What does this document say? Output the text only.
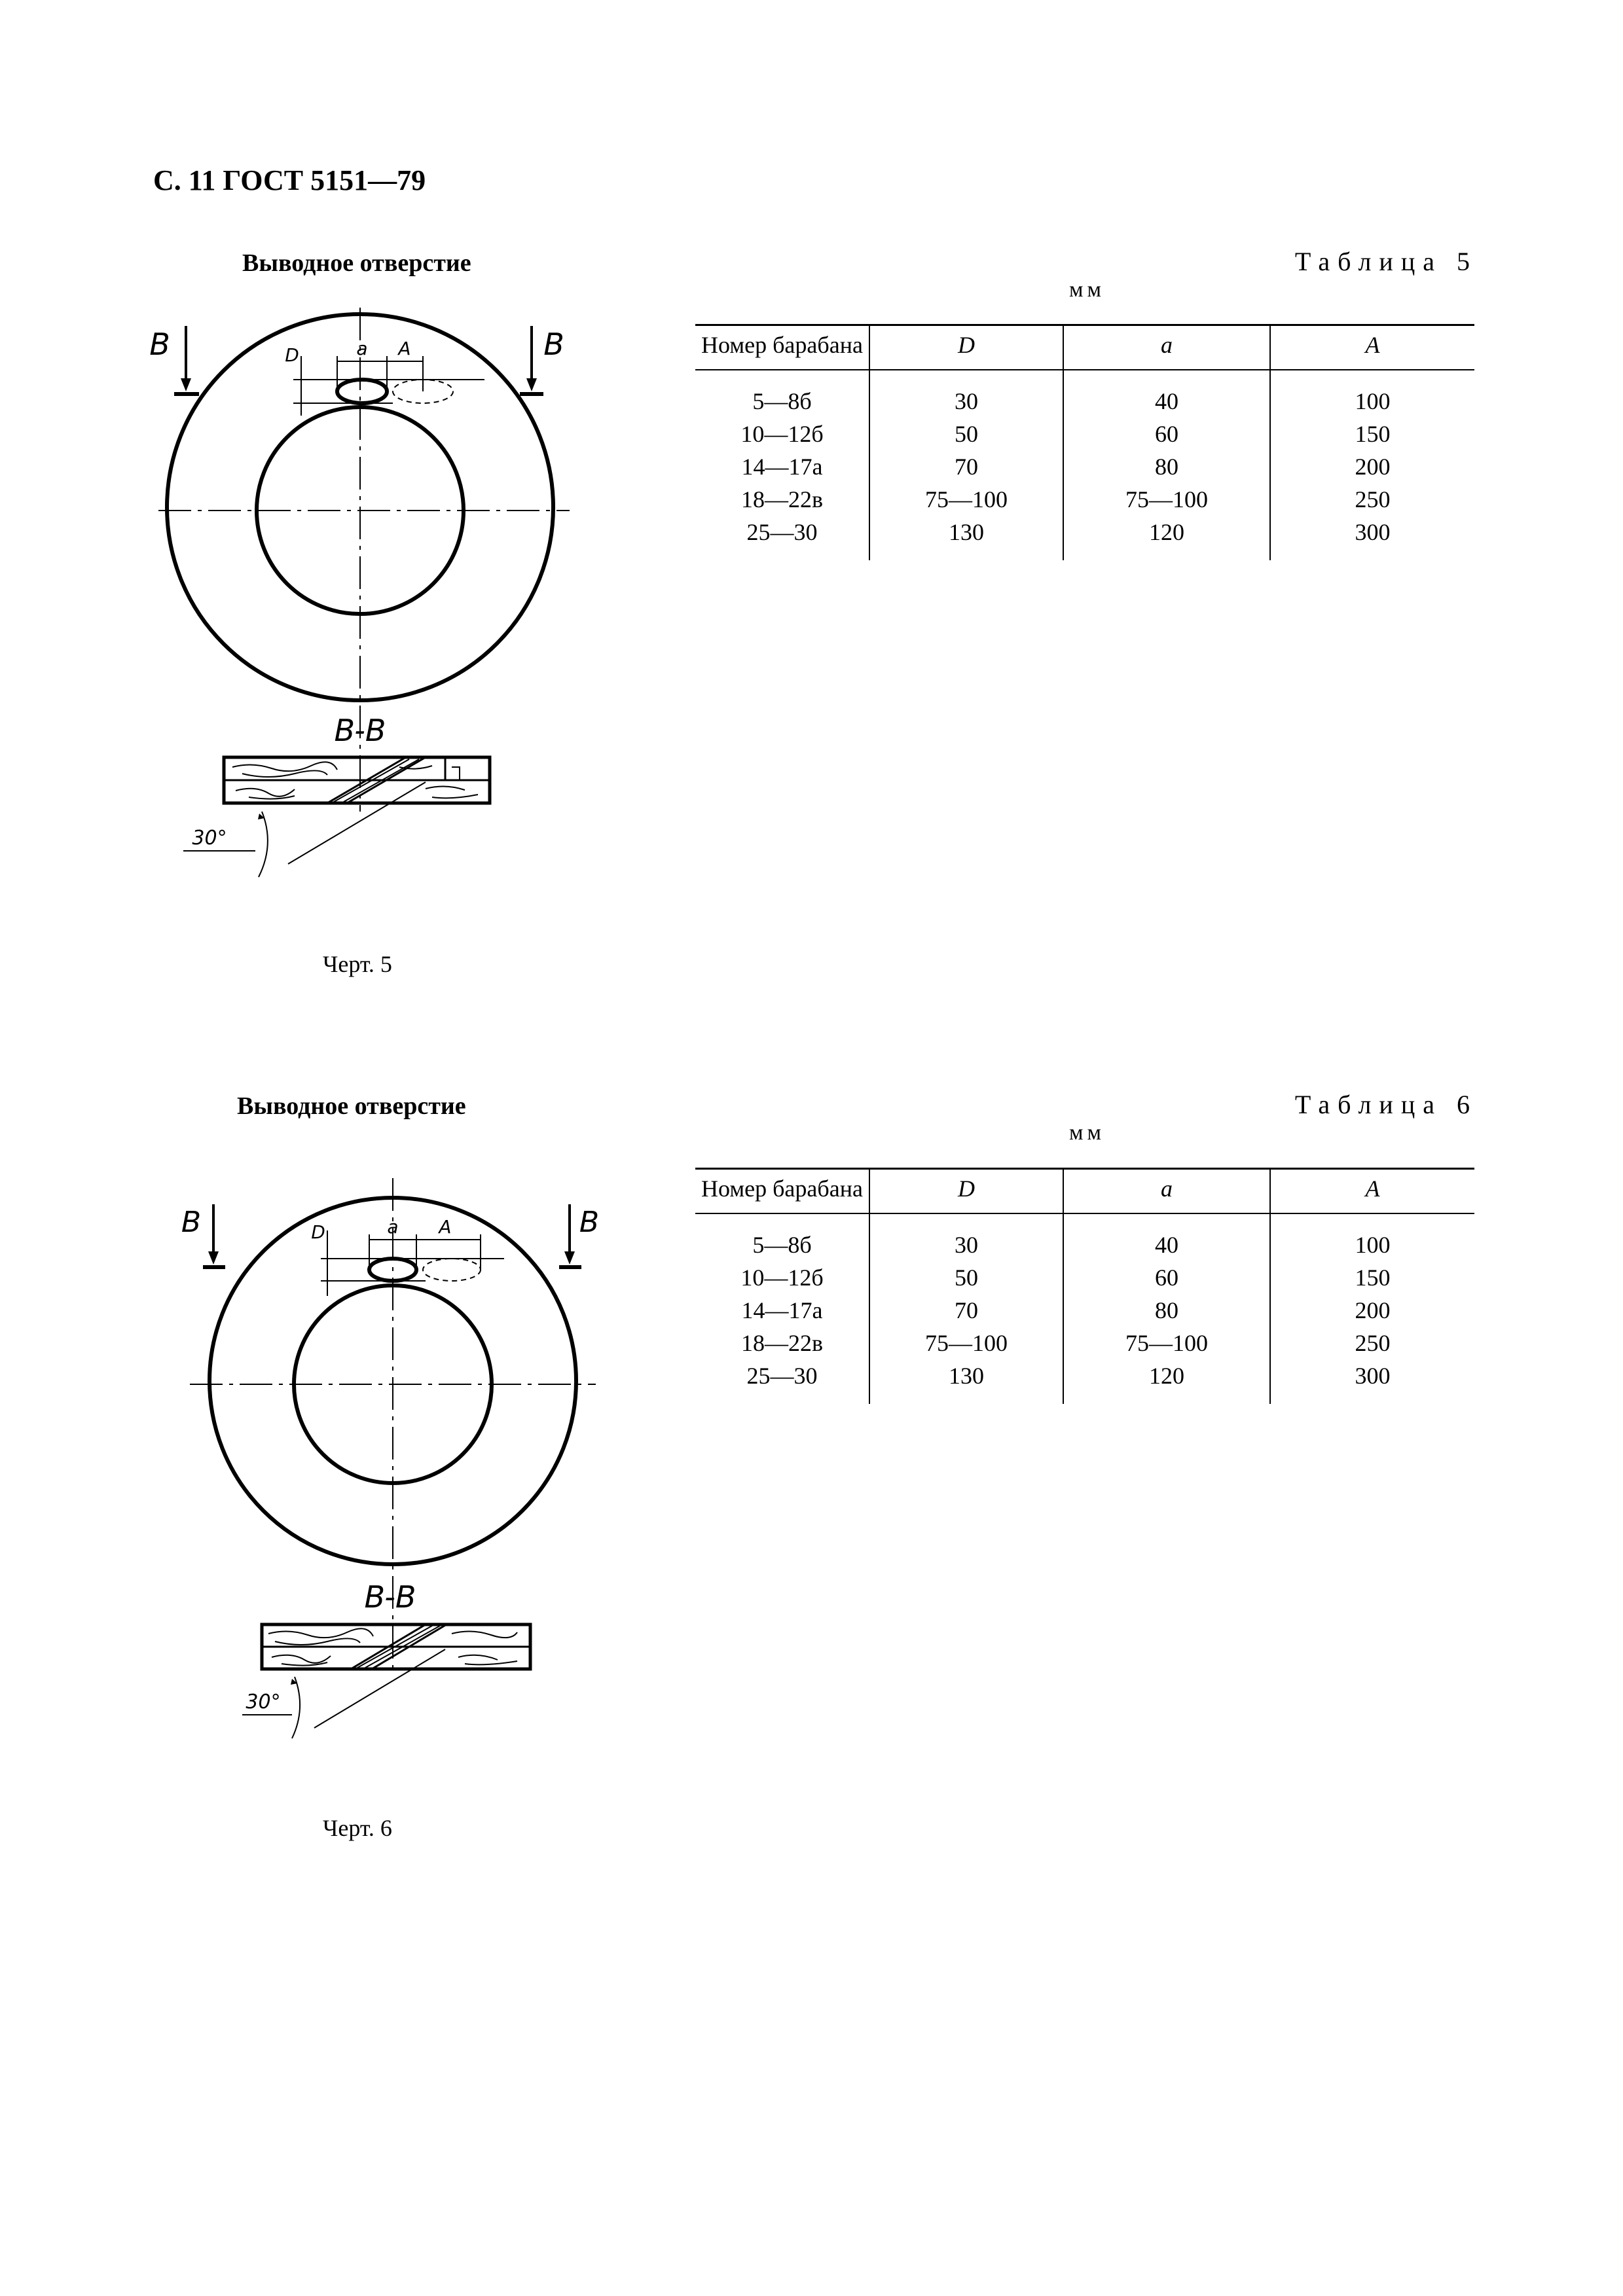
С. 11 ГОСТ 5151—79
Выводное отверстие	Таблица 5
мм
a A
D
B	B
B-B
30°
Черт. 5
Номер барабана	D	a	A
5—8б	30	40	100
10—12б	50	60	150
14—17а	70	80	200
18—22в	75—100	75—100	250
25—30	130	120	300
Выводное отверстие	Таблица 6
мм
a A
D
B	B
B-B
30°
Черт. 6
Номер барабана	D	a	A
5—8б	30	40	100
10—12б	50	60	150
14—17а	70	80	200
18—22в	75—100	75—100	250
25—30	130	120	300
